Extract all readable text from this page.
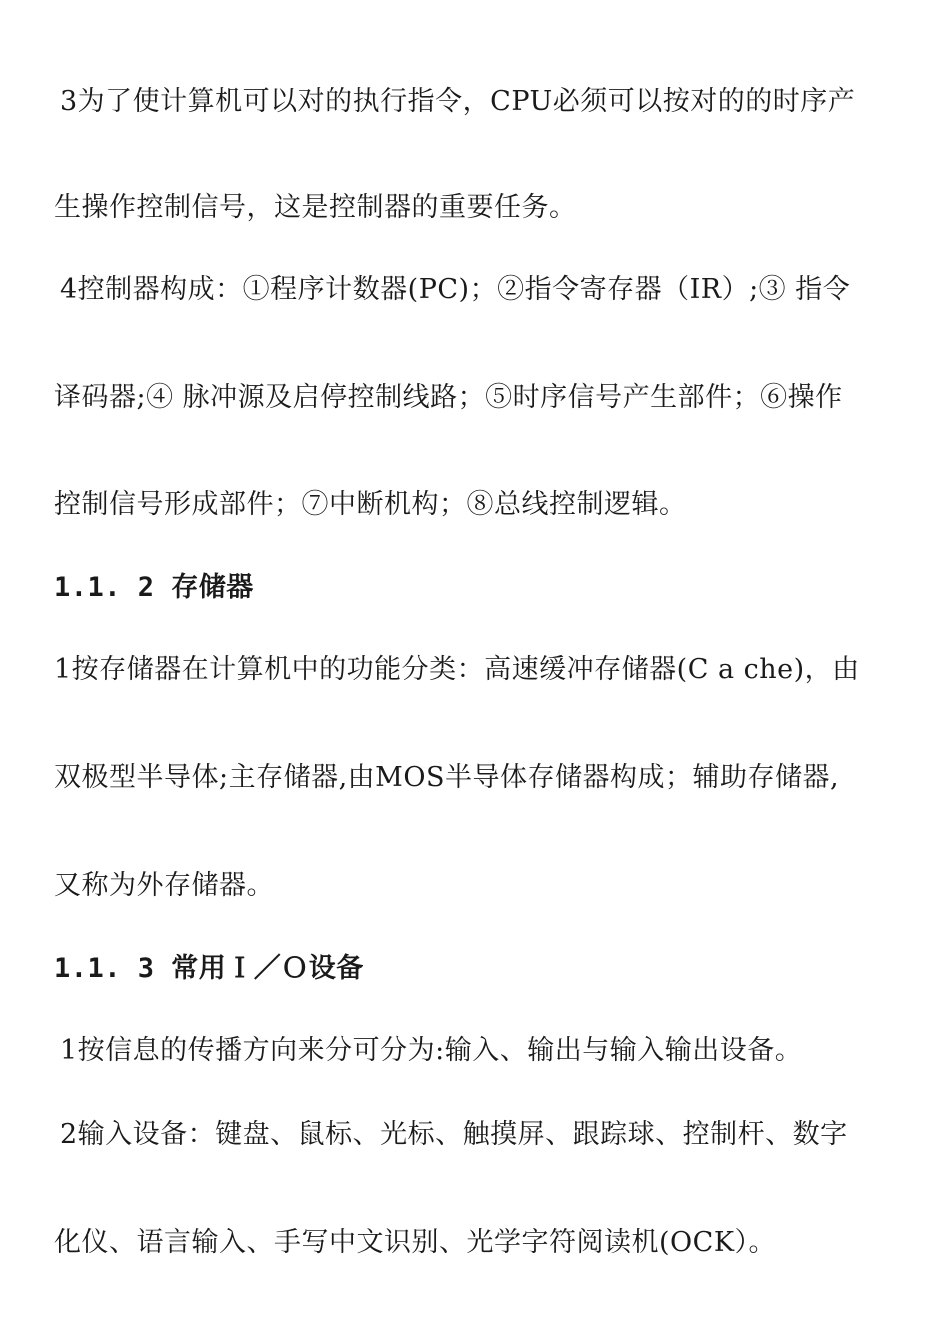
3为了使计算机可以对的执行指令，CPU必须可以按对的的时序产
生操作控制信号，这是控制器的重要任务。
4控制器构成：①程序计数器(PC)；②指令寄存器（IR）;③ 指令
译码器;④ 脉冲源及启停控制线路；⑤时序信号产生部件；⑥操作
控制信号形成部件；⑦中断机构；⑧总线控制逻辑。
1.1. 2 存储器
1按存储器在计算机中的功能分类：高速缓冲存储器(C a che)，由
双极型半导体;主存储器,由MOS半导体存储器构成；辅助存储器,
又称为外存储器。
1.1. 3 常用Ｉ／Ｏ设备
1按信息的传播方向来分可分为:输入、输出与输入输出设备。
2输入设备：键盘、鼠标、光标、触摸屏、跟踪球、控制杆、数字
化仪、语言输入、手写中文识别、光学字符阅读机(OCK）。
